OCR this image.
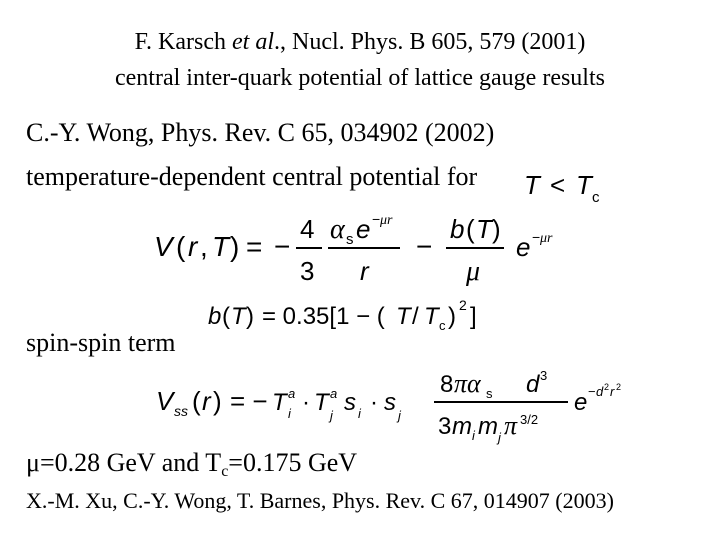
F. Karsch et al., Nucl. Phys. B 605, 579 (2001)
central inter-quark potential of lattice gauge results
C.-Y. Wong, Phys. Rev. C 65, 034902 (2002)
temperature-dependent central potential for T < T c
V ( r , T ) = −
4
3
α s e − μr
r
−
b ( T )
μ
e − μr
b ( T ) = 0.35[1 − ( T / T c ) 2 ]
spin-spin term
V ss ( r ) = − T a
i · T a
j s i · s j
8 πα s
3 m i m j
d 3
π 3/2
e − d 2 r 2
μ=0.28 GeV and $T_c=0.175$ GeV
X.-M. Xu, C.-Y. Wong, T. Barnes, Phys. Rev. C 67, 014907 (2003)
